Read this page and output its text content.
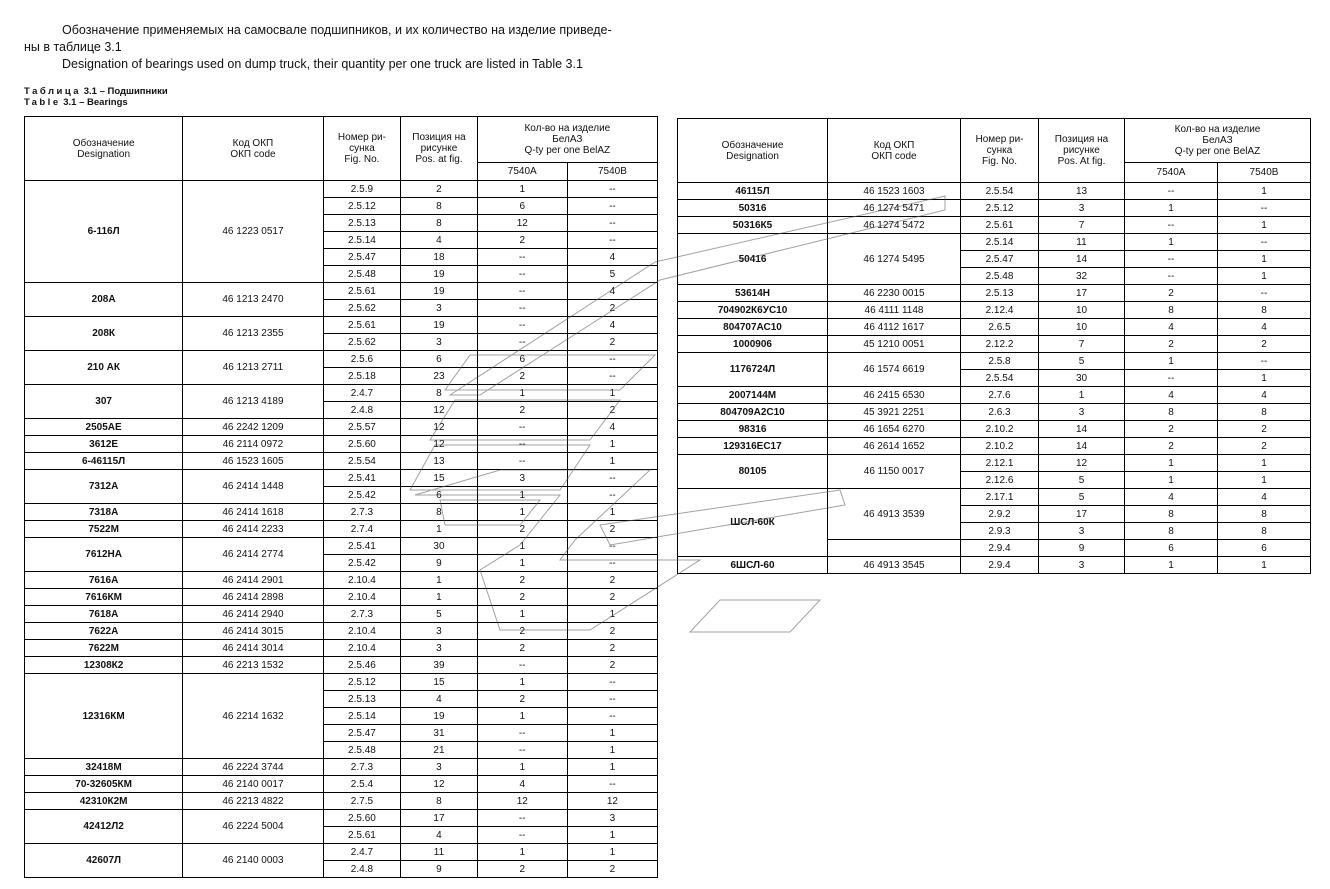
Обозначение применяемых на самосвале подшипников, и их количество на изделие приведе-

ны в таблице 3.1

Designation of bearings used on dump truck, their quantity per one truck are listed in Table 3.1

Таблица 3.1 – Подшипники
Table 3.1 – Bearings
Обозначение
Designation	Код ОКП
ОКП code	Номер ри-
сунка
Fig. No.	Позиция на
рисунке
Pos. at fig.	Кол-во на изделие
БелАЗ
Q-ty per one BelAZ	
				7540А	7540В
6-116Л	46 1223 0517	2.5.9	2	1	--
		2.5.12	8	6	--
		2.5.13	8	12	--
		2.5.14	4	2	--
		2.5.47	18	--	4
		2.5.48	19	--	5
208А	46 1213 2470	2.5.61	19	--	4
		2.5.62	3	--	2
208К	46 1213 2355	2.5.61	19	--	4
		2.5.62	3	--	2
210 АК	46 1213 2711	2.5.6	6	6	--
		2.5.18	23	2	--
307	46 1213 4189	2.4.7	8	1	1
		2.4.8	12	2	2
2505АЕ	46 2242 1209	2.5.57	12	--	4
3612Е	46 2114 0972	2.5.60	12	--	1
6-46115Л	46 1523 1605	2.5.54	13	--	1
7312А	46 2414 1448	2.5.41	15	3	--
		2.5.42	6	1	--
7318А	46 2414 1618	2.7.3	8	1	1
7522М	46 2414 2233	2.7.4	1	2	2
7612НА	46 2414 2774	2.5.41	30	1	--
		2.5.42	9	1	--
7616А	46 2414 2901	2.10.4	1	2	2
7616КМ	46 2414 2898	2.10.4	1	2	2
7618А	46 2414 2940	2.7.3	5	1	1
7622А	46 2414 3015	2.10.4	3	2	2
7622М	46 2414 3014	2.10.4	3	2	2
12308К2	46 2213 1532	2.5.46	39	--	2
12316КМ	46 2214 1632	2.5.12	15	1	--
		2.5.13	4	2	--
		2.5.14	19	1	--
		2.5.47	31	--	1
		2.5.48	21	--	1
32418М	46 2224 3744	2.7.3	3	1	1
70-32605КМ	46 2140 0017	2.5.4	12	4	--
42310К2М	46 2213 4822	2.7.5	8	12	12
42412Л2	46 2224 5004	2.5.60	17	--	3
		2.5.61	4	--	1
42607Л	46 2140 0003	2.4.7	11	1	1
		2.4.8	9	2	2
Обозначение
Designation	Код ОКП
ОКП code	Номер ри-
сунка
Fig. No.	Позиция на
рисунке
Pos. At fig.	Кол-во на изделие
БелАЗ
Q-ty per one BelAZ	
				7540А	7540В
46115Л	46 1523 1603	2.5.54	13	--	1
50316	46 1274 5471	2.5.12	3	1	--
50316К5	46 1274 5472	2.5.61	7	--	1
50416	46 1274 5495	2.5.14	11	1	--
		2.5.47	14	--	1
		2.5.48	32	--	1
53614Н	46 2230 0015	2.5.13	17	2	--
704902К6УС10	46 4111 1148	2.12.4	10	8	8
804707АС10	46 4112 1617	2.6.5	10	4	4
1000906	45 1210 0051	2.12.2	7	2	2
1176724Л	46 1574 6619	2.5.8	5	1	--
		2.5.54	30	--	1
2007144М	46 2415 6530	2.7.6	1	4	4
804709А2С10	45 3921 2251	2.6.3	3	8	8
98316	46 1654 6270	2.10.2	14	2	2
129316ЕС17	46 2614 1652	2.10.2	14	2	2
80105	46 1150 0017	2.12.1	12	1	1
		2.12.6	5	1	1
ШСЛ-60К	46 4913 3539	2.17.1	5	4	4
		2.9.2	17	8	8
		2.9.3	3	8	8
		2.9.4	9	6	6
6ШСЛ-60	46 4913 3545	2.9.4	3	1	1
